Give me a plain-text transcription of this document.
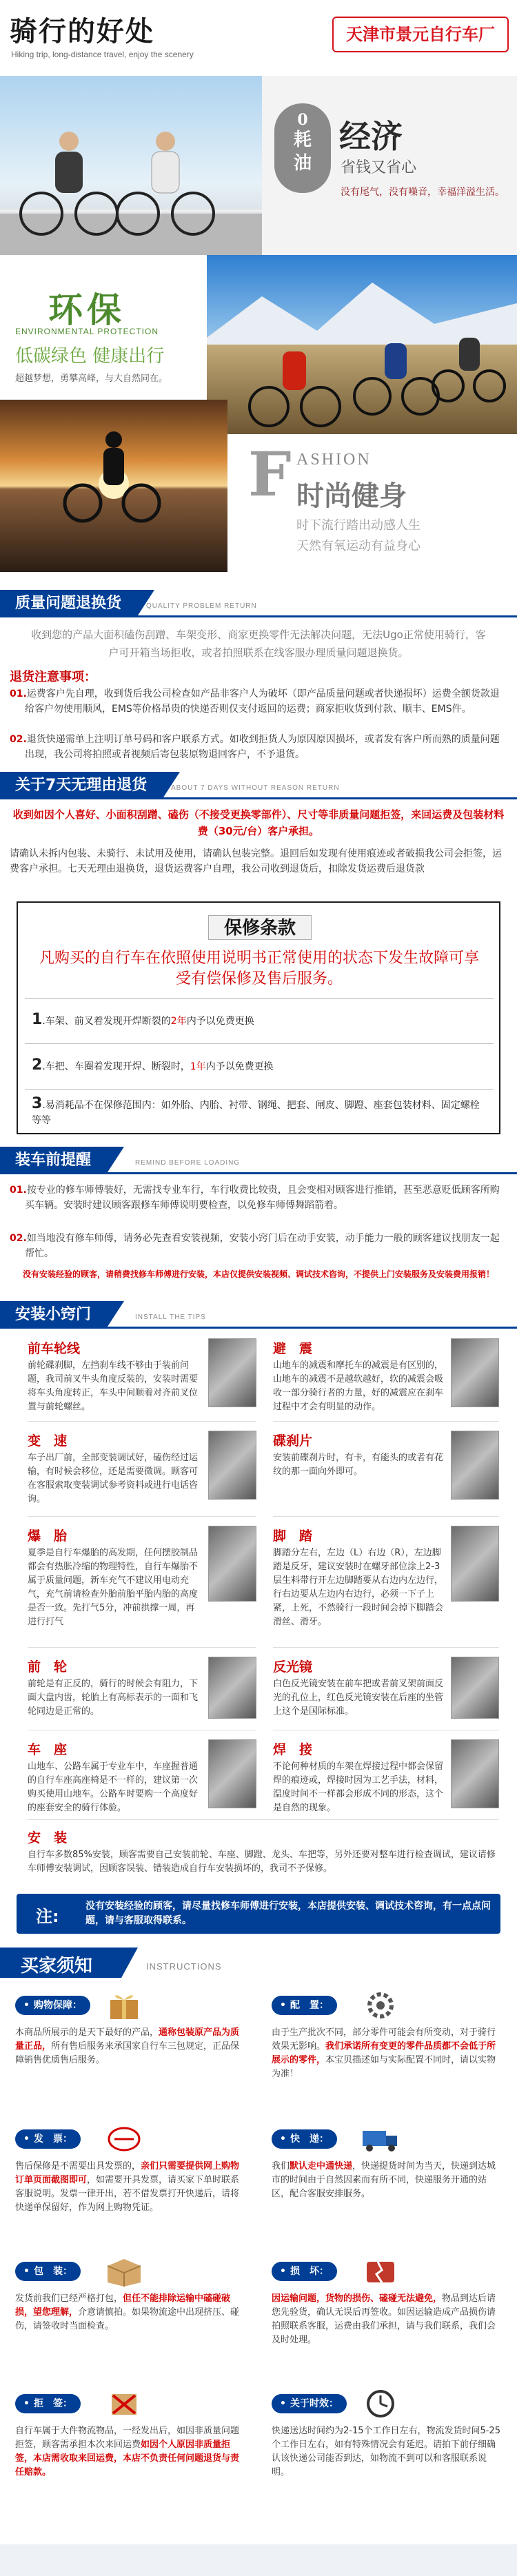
骑行的好处
Hiking trip, long-distance travel, enjoy the scenery
天津市景元自行车厂
0
耗
油
经济
省钱又省心
没有尾气，没有噪音，幸福洋溢生活。
环保
ENVIRONMENTAL PROTECTION
低碳绿色 健康出行
超越梦想，勇攀高峰，与大自然同在。
F ASHION
时尚健身
时下流行踏出动感人生
天然有氧运动有益身心
质量问题退换货	QUALITY PROBLEM RETURN
收到您的产品大面积磕伤刮蹭、车架变形、商家更换零件无法解决问题，无法Ugo正常使用骑行，客户可开箱当场拒收，或者拍照联系在线客服办理质量问题退换货。
退货注意事项：
01.运费客户先自理，收到货后我公司检查如产品非客户人为破坏（即产品质量问题或者快递损坏）运费全额货款退给客户勿使用顺风，EMS等价格昂贵的快递否则仅支付返回的运费；商家拒收货到付款、顺丰、EMS件。
02.退货快递需单上注明订单号码和客户联系方式。如收到拒货人为原因原因损坏，或者发有客户所而熟的质量问题出现，我公司将拍照或者视频后寄包装原物退回客户，不予退货。
关于7天无理由退货	ABOUT 7 DAYS WITHOUT REASON RETURN
收到如因个人喜好、小面积刮蹭、磕伤（不接受更换零部件）、尺寸等非质量问题拒签，来回运费及包装材料费（30元/台）客户承担。
请确认未拆内包装、未骑行、未试用及使用，请确认包装完整。退回后如发现有使用痕迹或者破损我公司会拒签，运费客户承担。七天无理由退换货，退货运费客户自理，我公司收到退货后，扣除发货运费后退货款
保修条款
凡购买的自行车在依照使用说明书正常使用的状态下发生故障可享受有偿保修及售后服务。
1.车架、前叉着发现开焊断裂的2年内予以免费更换
2.车把、车圈着发现开焊、断裂时，1年内予以免费更换
3.易消耗品不在保修范围内：如外胎、内胎、衬带、钢绳、把套、闸皮、脚蹬、座套包装材料、固定螺栓等等
装车前提醒	REMIND BEFORE LOADING
01.按专业的修车师傅装好，无需找专业车行，车行收费比较贵，且会变相对顾客进行推销，甚至恶意贬低顾客所购买车辆。安装时建议顾客跟修车师傅说明要检查，以免修车师傅舞蹈箭着。
02.如当地没有修车师傅，请务必先查看安装视频，安装小窍门后在动手安装，动手能力一般的顾客建议找朋友一起帮忙。
没有安装经验的顾客，请稍费找修车师傅进行安装，本店仅提供安装视频、调试技术咨询，不提供上门安装服务及安装费用报销！
安装小窍门	INSTALL THE TIPS
前车轮线
前轮碟刹脚，左挡刹车线不够由于装前问题，我司前叉牛头角度反装的，安装时需要将车头角度转正，车头中间顺着对齐前叉位置与前轮螺丝。
变　速
车子出厂前，全部变装调试好，磕伤经过运输，有时候会移位，还是需要微调。顾客可在客服索取变装调试参考资料或进行电话咨询。
爆　胎
夏季是自行车爆胎的高发期，任何摆胶制品都会有热胀冷缩的物理特性，自行车爆胎不属于质量问题，新车充气不建议用电动充气，充气前请检查外胎前胎平胎内胎的高度是否一致。先打气5分，冲前拱撑一周，再进行打气
前　轮
前轮是有正反的，骑行的时候会有阻力，下面大盘内齿，轮胎上有高标表示的一面和飞轮同边是正常的。
车　座
山地车、公路车属于专业车中，车座握普通的自行车座高座椅是不一样的，建议第一次购买使用山地车。公路车时要购一个高度好的座套安全的骑行体验。
避　震
山地车的减震和摩托车的减震是有区别的，山地车的减震不是越软越好，软的减震会吸收一部分骑行者的力量，好的减震应在刹车过程中才会有明显的动作。
碟刹片
安装前碟刹片时，有卡，有能头的或者有花纹的那一面向外即可。
脚　踏
脚踏分左右，左边（L）右边（R），左边脚踏是反牙，建议安装时在螺牙部位涂上2-3层生料带行开左边脚踏要从右边内左边行，行右边要从左边内右边行，必须一下子上紧，上死，不然骑行一段时间会掉下脚踏会滑丝、滑牙。
反光镜
白色反光镜安装在前车把或者前叉架前面反光的孔位上，红色反光镜安装在后座的坐管上这个是国际标准。
焊　接
不论何种材质的车架在焊接过程中都会保留焊的痕迹或，焊接时因为工艺手法，材料，温度时间不一样都会形成不同的形态，这个是自然的现象。
安　装
自行车多数85%安装，顾客需要自己安装前轮、车座、脚蹬、龙头、车把等，另外还要对整车进行检查调试，建议请修车师傅安装调试，因顾客误装、错装造成自行车安装损坏的，我司不予保修。
注:
没有安装经验的顾客，请尽量找修车师傅进行安装，本店提供安装、调试技术咨询，有一点点问题，请与客服取得联系。
买家须知	INSTRUCTIONS
• 购物保障：
本商品所展示的是天下最好的产品，通称包装原产品为质量正品，所有售后服务来承国家自行车三包规定，正品保障销售优质售后服务。
• 配　置：
由于生产批次不同，部分零件可能会有所变动，对于骑行效果无影响。我们承诺所有变更的零件品质都不会低于所展示的零件，本宝贝描述如与实际配置不同时，请以实物为准！
• 发　票：
售后保修是不需要出具发票的，亲们只需要提供网上购物订单页面截图即可，如需要开具发票，请买家下单时联系客服说明。发票一律开出，若不借发票打开快递后，请将快递单保留好，作为网上购物凭证。
• 快　递：
我们默认走中通快递，快递提货时间为当天，快递到达城市的时间由于自然因素而有所不同，快递服务开通的站区，配合客服安排服务。
• 包　装：
发货前我们已经严格打包，但任不能排除运输中磕碰破损，望您理解，介意请慎拍。如果物流途中出现挤压、碰伤，请签收时当面检查。
• 损　坏：
因运输问题，货物的损伤、磕碰无法避免，物品到达后请您先验货，确认无误后再签收。如因运输造成产品损伤请拍照联系客服，运费由我们承担，请与我们联系，我们会及时处理。
• 拒　签：
自行车属于大件物流物品，一经发出后，如因非质量问题拒签，顾客需承担本次来回运费如因个人原因非质量拒签，本店需收取来回运费，本店不负责任何问题退货与责任赔款。
• 关于时效：
快递送达时间约为2-15个工作日左右，物流发货时间5-25个工作日左右，如有特殊情况会有延迟。请拍下前仔细确认该快递公司能否到达，如物流不到可以和客服联系说明。
